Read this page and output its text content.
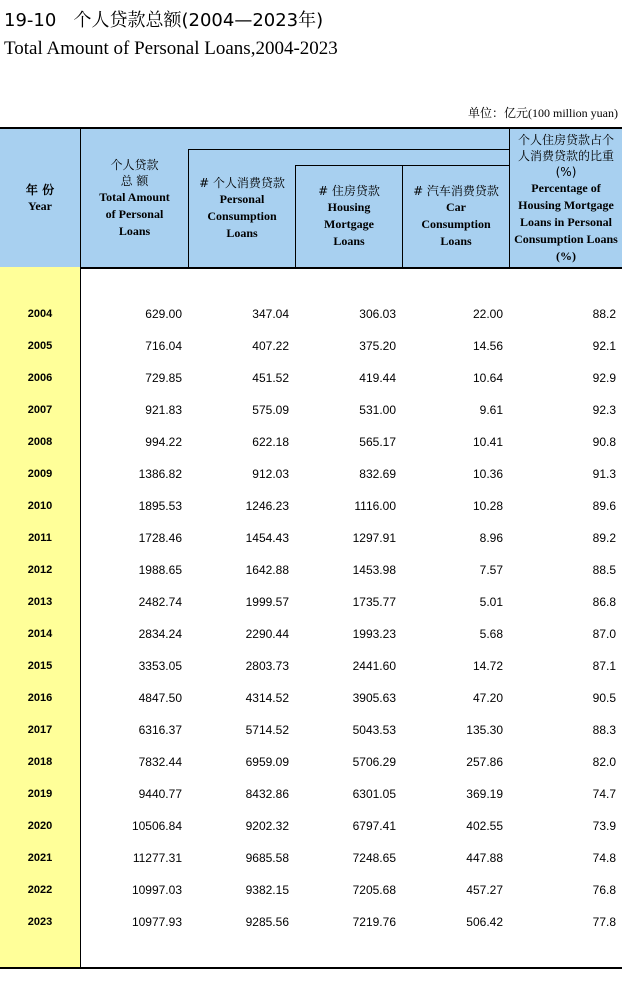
19-10 个人贷款总额(2004—2023年)
Total Amount of Personal Loans,2004-2023
单位：亿元(100 million yuan)
年 份
Year
个人贷款
总 额
Total Amount
of Personal
Loans
# 个人消费贷款
Personal
Consumption
Loans
# 住房贷款
Housing
Mortgage
Loans
# 汽车消费贷款
Car
Consumption
Loans
个人住房贷款占个
人消费贷款的比重
(%)
Percentage of
Housing Mortgage
Loans in Personal
Consumption Loans
(%)
2004	629.00	347.04	306.03	22.00	88.2
2005	716.04	407.22	375.20	14.56	92.1
2006	729.85	451.52	419.44	10.64	92.9
2007	921.83	575.09	531.00	9.61	92.3
2008	994.22	622.18	565.17	10.41	90.8
2009	1386.82	912.03	832.69	10.36	91.3
2010	1895.53	1246.23	1116.00	10.28	89.6
2011	1728.46	1454.43	1297.91	8.96	89.2
2012	1988.65	1642.88	1453.98	7.57	88.5
2013	2482.74	1999.57	1735.77	5.01	86.8
2014	2834.24	2290.44	1993.23	5.68	87.0
2015	3353.05	2803.73	2441.60	14.72	87.1
2016	4847.50	4314.52	3905.63	47.20	90.5
2017	6316.37	5714.52	5043.53	135.30	88.3
2018	7832.44	6959.09	5706.29	257.86	82.0
2019	9440.77	8432.86	6301.05	369.19	74.7
2020	10506.84	9202.32	6797.41	402.55	73.9
2021	11277.31	9685.58	7248.65	447.88	74.8
2022	10997.03	9382.15	7205.68	457.27	76.8
2023	10977.93	9285.56	7219.76	506.42	77.8
